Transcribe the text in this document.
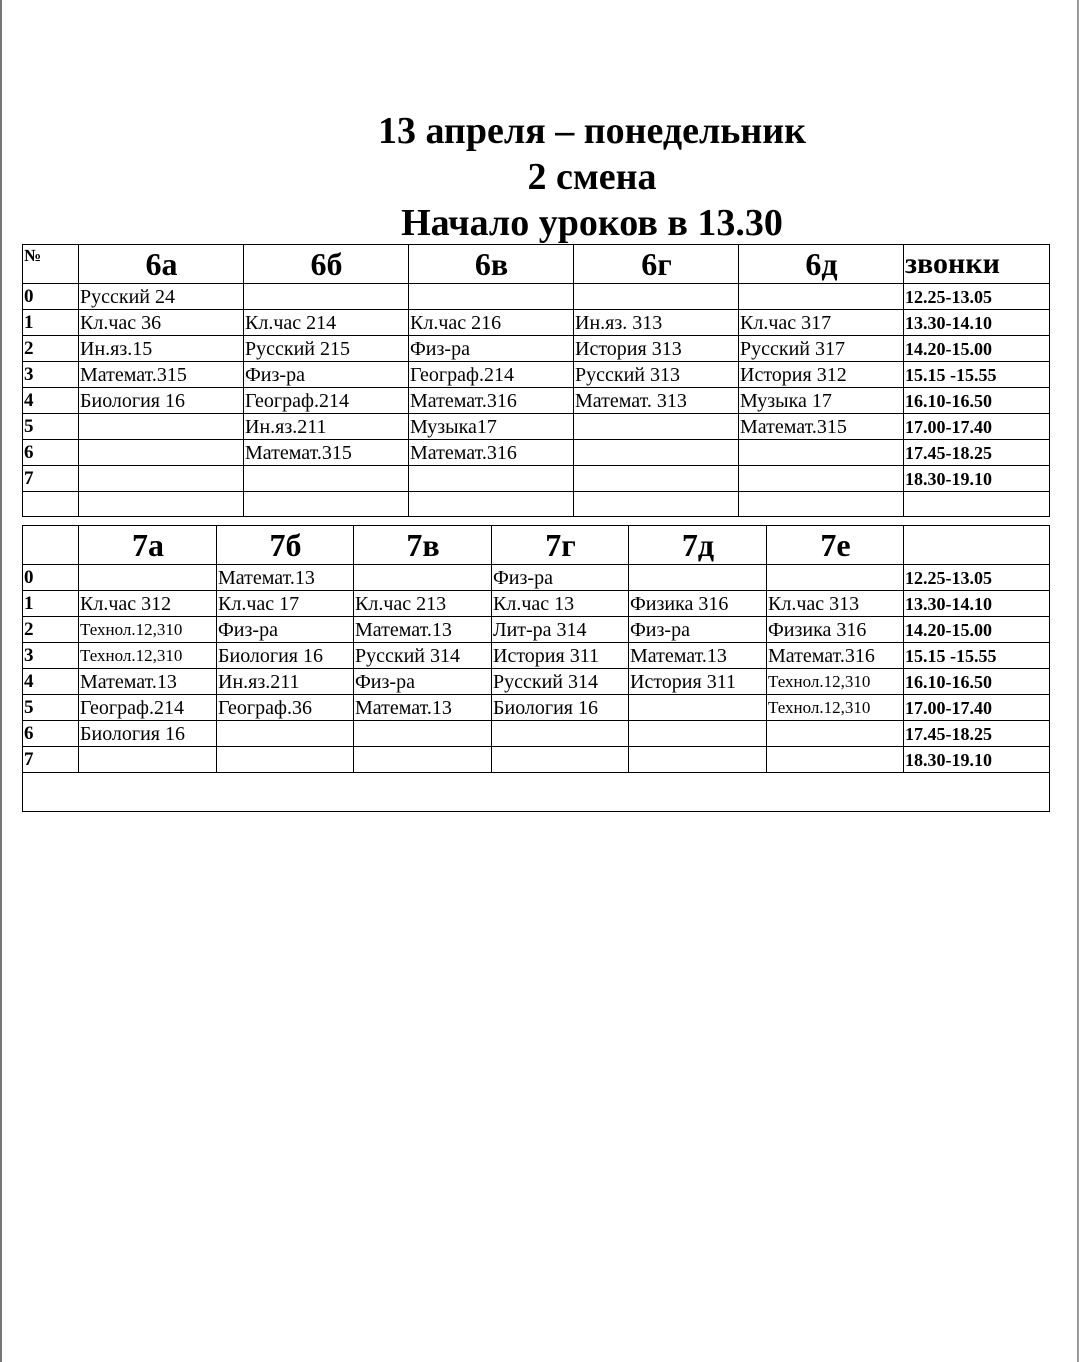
13 апреля – понедельник
2 смена
Начало уроков в 13.30
№	6а	6б	6в	6г	6д	звонки
0	Русский 24					12.25-13.05
1	Кл.час 36	Кл.час 214	Кл.час 216	Ин.яз. 313	Кл.час 317	13.30-14.10
2	Ин.яз.15	Русский 215	Физ-ра	История 313	Русский 317	14.20-15.00
3	Математ.315	Физ-ра	Географ.214	Русский 313	История 312	15.15 -15.55
4	Биология 16	Географ.214	Математ.316	Математ. 313	Музыка 17	16.10-16.50
5		Ин.яз.211	Музыка17		Математ.315	17.00-17.40
6		Математ.315	Математ.316			17.45-18.25
7						18.30-19.10

	7а	7б	7в	7г	7д	7е	
0		Математ.13		Физ-ра			12.25-13.05
1	Кл.час 312	Кл.час 17	Кл.час 213	Кл.час 13	Физика 316	Кл.час 313	13.30-14.10
2	Технол.12,310	Физ-ра	Математ.13	Лит-ра 314	Физ-ра	Физика 316	14.20-15.00
3	Технол.12,310	Биология 16	Русский 314	История 311	Математ.13	Математ.316	15.15 -15.55
4	Математ.13	Ин.яз.211	Физ-ра	Русский 314	История 311	Технол.12,310	16.10-16.50
5	Географ.214	Географ.36	Математ.13	Биология 16		Технол.12,310	17.00-17.40
6	Биология 16						17.45-18.25
7							18.30-19.10
